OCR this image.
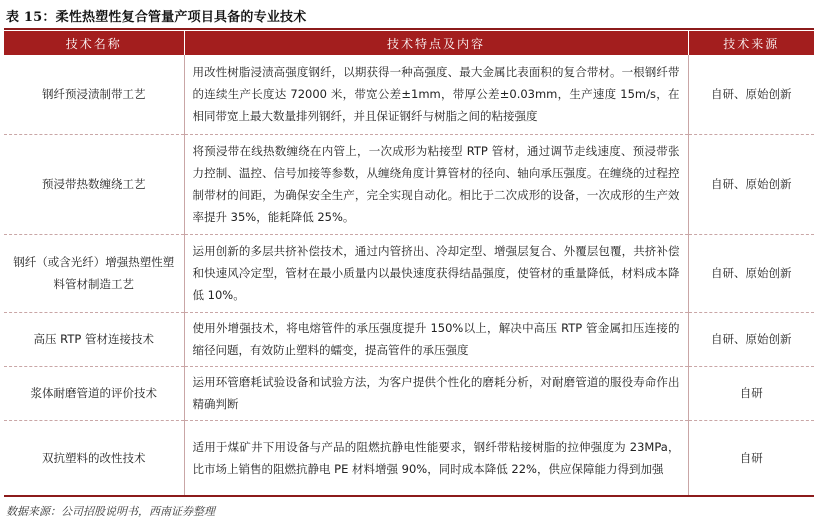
表 15：柔性热塑性复合管量产项目具备的专业技术
技术名称	技术特点及内容	技术来源
钢纤预浸渍制带工艺	用改性树脂浸渍高强度钢纤，以期获得一种高强度、最大金属比表面积的复合带材。一根钢纤带的连续生产长度达 72000 米，带宽公差±1mm，带厚公差±0.03mm，生产速度 15m/s，在相同带宽上最大数量排列钢纤，并且保证钢纤与树脂之间的粘接强度	自研、原始创新
预浸带热数缠绕工艺	将预浸带在线热数缠绕在内管上，一次成形为粘接型 RTP 管材，通过调节走线速度、预浸带张力控制、温控、信号加接等参数，从缠绕角度计算管材的径向、轴向承压强度。在缠绕的过程控制带材的间距，为确保安全生产，完全实现自动化。相比于二次成形的设备，一次成形的生产效率提升 35%，能耗降低 25%。	自研、原始创新
钢纤（或含光纤）增强热塑性塑料管材制造工艺	运用创新的多层共挤补偿技术，通过内管挤出、冷却定型、增强层复合、外覆层包覆，共挤补偿和快速风冷定型，管材在最小质量内以最快速度获得结晶强度，使管材的重量降低，材料成本降低 10%。	自研、原始创新
高压 RTP 管材连接技术	使用外增强技术，将电熔管件的承压强度提升 150%以上，解决中高压 RTP 管金属扣压连接的缩径问题，有效防止塑料的蠕变，提高管件的承压强度	自研、原始创新
浆体耐磨管道的评价技术	运用环管磨耗试验设备和试验方法，为客户提供个性化的磨耗分析，对耐磨管道的服役寿命作出精确判断	自研
双抗塑料的改性技术	适用于煤矿井下用设备与产品的阻燃抗静电性能要求，钢纤带粘接树脂的拉伸强度为 23MPa，比市场上销售的阻燃抗静电 PE 材料增强 90%，同时成本降低 22%，供应保障能力得到加强	自研
数据来源：公司招股说明书，西南证券整理
